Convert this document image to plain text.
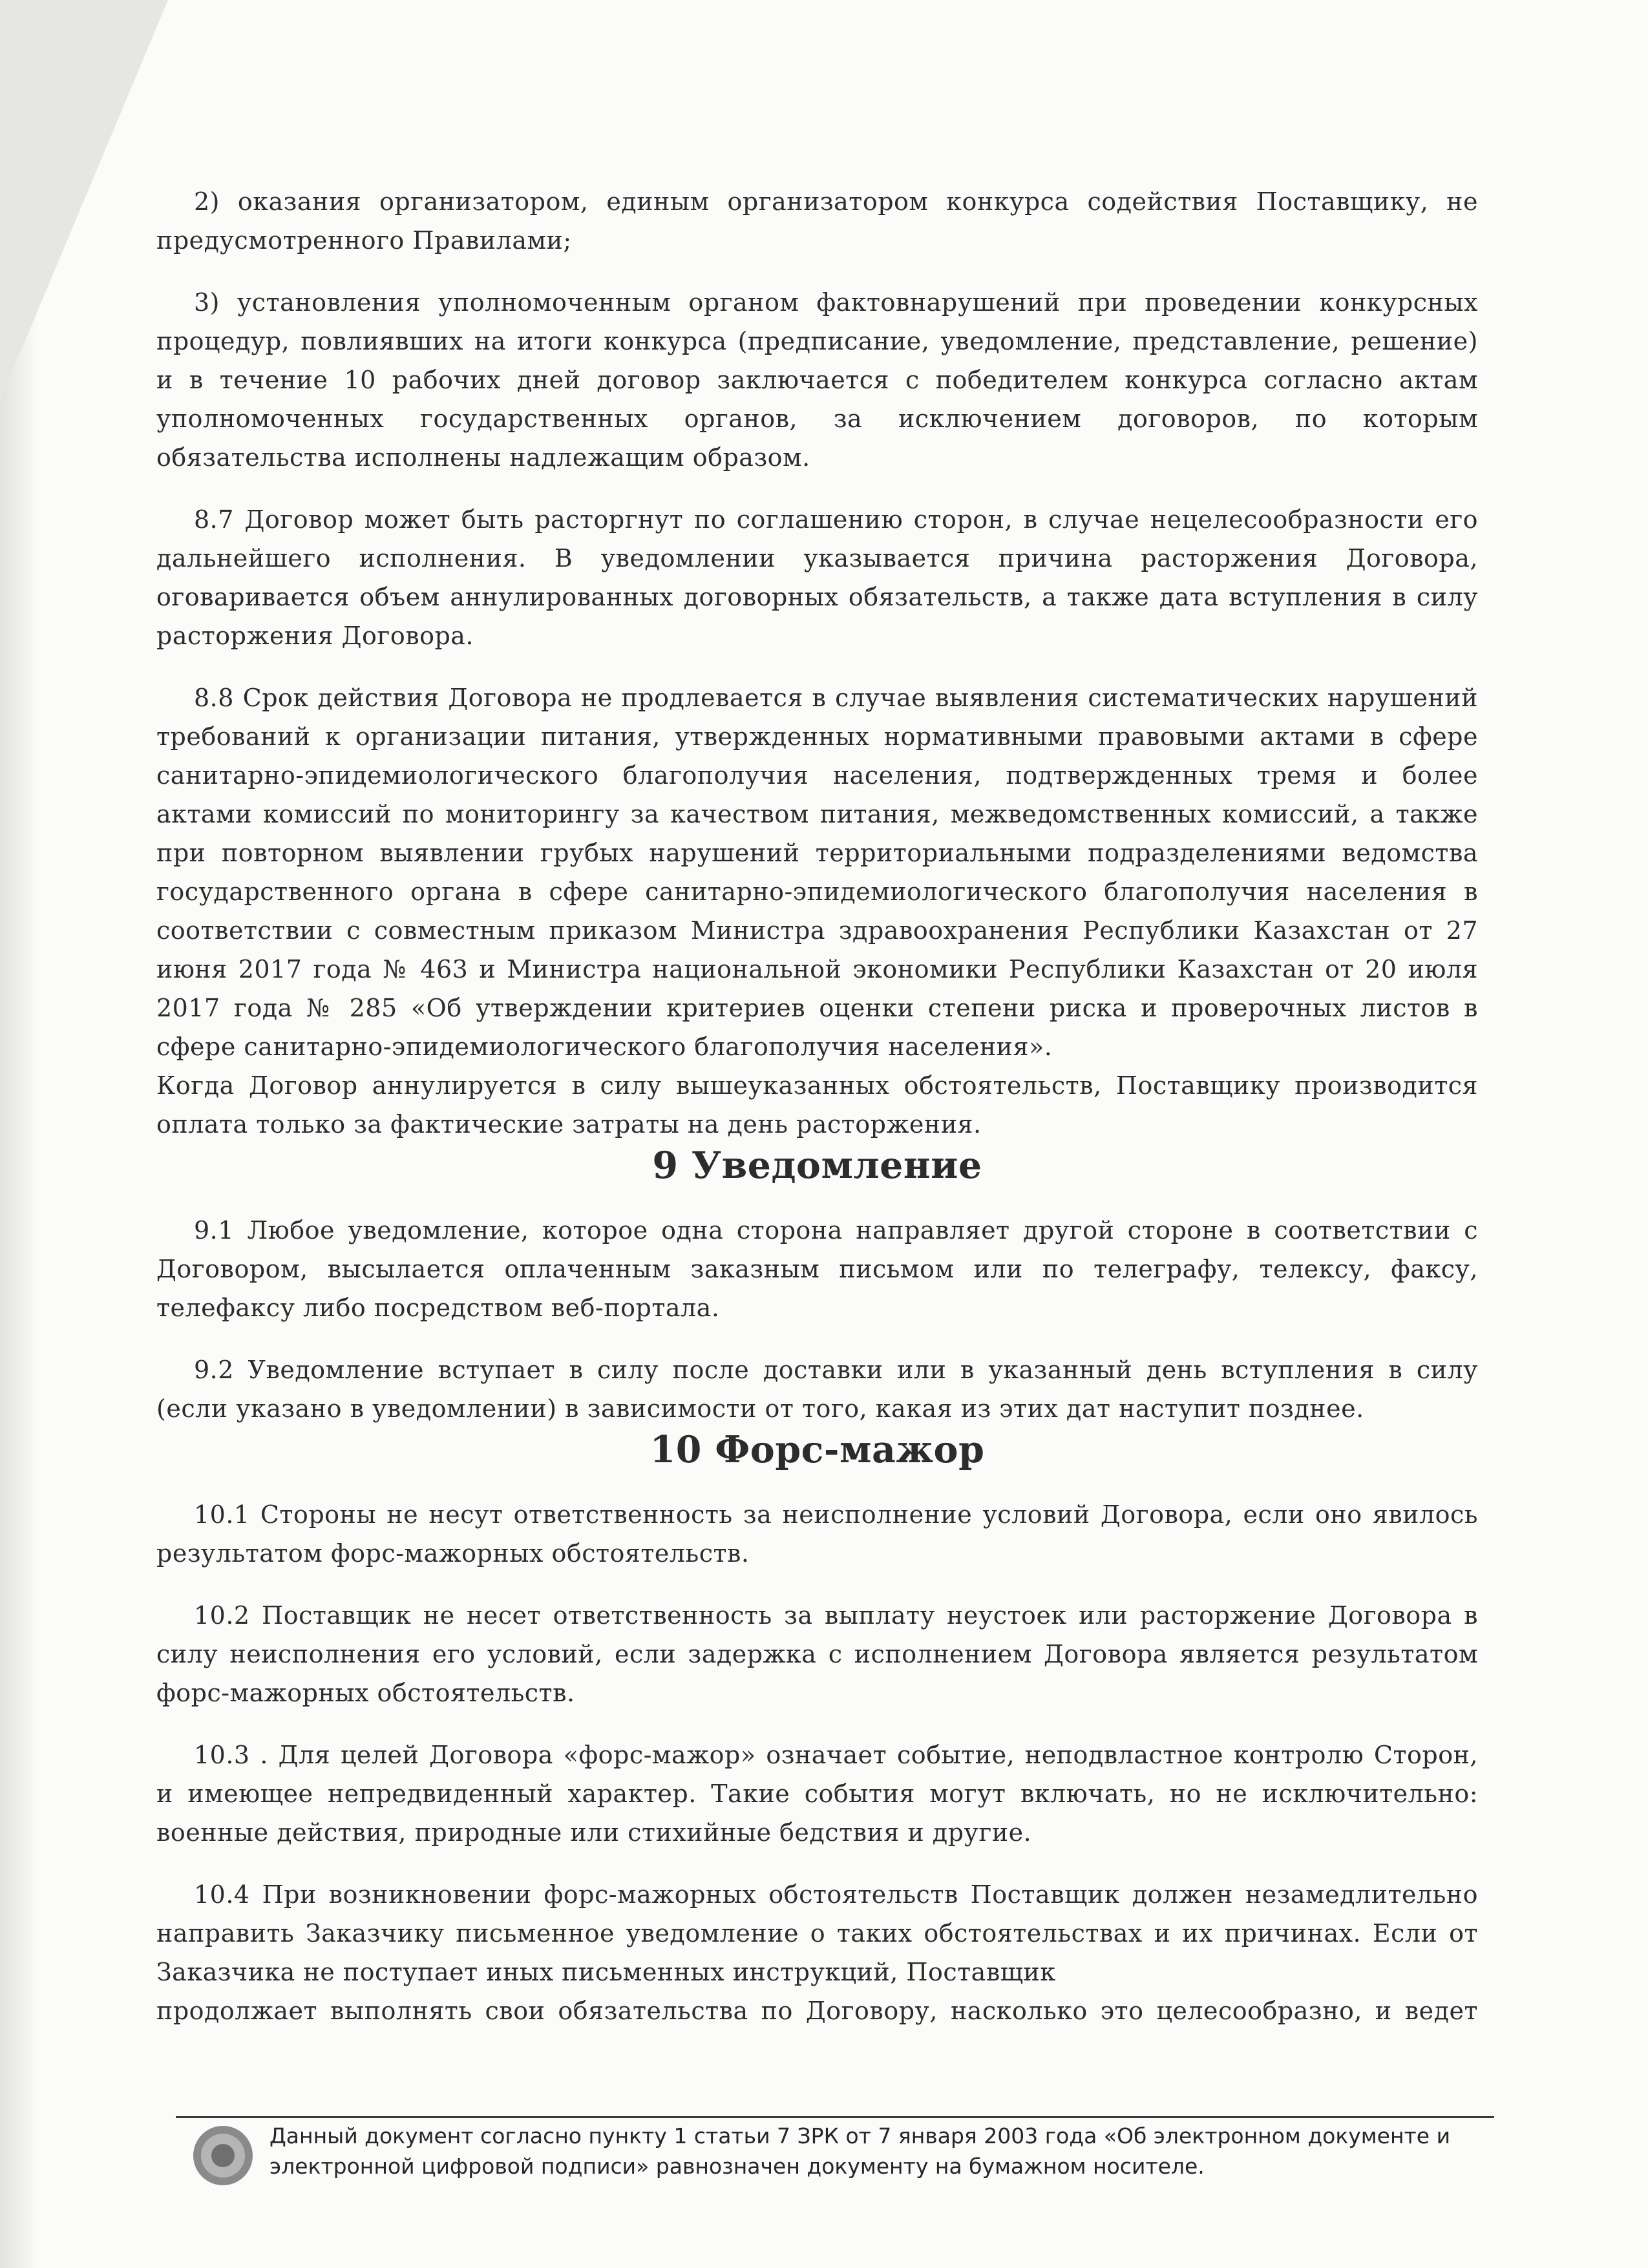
2) оказания организатором, единым организатором конкурса содействия Поставщику, не предусмотренного Правилами;

3) установления уполномоченным органом фактовнарушений при проведении конкурсных процедур, повлиявших на итоги конкурса (предписание, уведомление, представление, решение) и в течение 10 рабочих дней договор заключается с победителем конкурса согласно актам уполномоченных государственных органов, за исключением договоров, по которым обязательства исполнены надлежащим образом.

8.7 Договор может быть расторгнут по соглашению сторон, в случае нецелесообразности его дальнейшего исполнения. В уведомлении указывается причина расторжения Договора, оговаривается объем аннулированных договорных обязательств, а также дата вступления в силу расторжения Договора.

8.8 Срок действия Договора не продлевается в случае выявления систематических нарушений требований к организации питания, утвержденных нормативными правовыми актами в сфере санитарно-эпидемиологического благополучия населения, подтвержденных тремя и более актами комиссий по мониторингу за качеством питания, межведомственных комиссий, а также при повторном выявлении грубых нарушений территориальными подразделениями ведомства государственного органа в сфере санитарно-эпидемиологического благополучия населения в соответствии с совместным приказом Министра здравоохранения Республики Казахстан от 27 июня 2017 года № 463 и Министра национальной экономики Республики Казахстан от 20 июля 2017 года № 285 «Об утверждении критериев оценки степени риска и проверочных листов в сфере санитарно-эпидемиологического благополучия населения».

Когда Договор аннулируется в силу вышеуказанных обстоятельств, Поставщику производится оплата только за фактические затраты на день расторжения.

9 Уведомление

9.1 Любое уведомление, которое одна сторона направляет другой стороне в соответствии с Договором, высылается оплаченным заказным письмом или по телеграфу, телексу, факсу, телефаксу либо посредством веб-портала.

9.2 Уведомление вступает в силу после доставки или в указанный день вступления в силу (если указано в уведомлении) в зависимости от того, какая из этих дат наступит позднее.

10 Форс-мажор

10.1 Стороны не несут ответственность за неисполнение условий Договора, если оно явилось результатом форс-мажорных обстоятельств.

10.2 Поставщик не несет ответственность за выплату неустоек или расторжение Договора в силу неисполнения его условий, если задержка с исполнением Договора является результатом форс-мажорных обстоятельств.

10.3 . Для целей Договора «форс-мажор» означает событие, неподвластное контролю Сторон, и имеющее непредвиденный характер. Такие события могут включать, но не исключительно: военные действия, природные или стихийные бедствия и другие.

10.4 При возникновении форс-мажорных обстоятельств Поставщик должен незамедлительно направить Заказчику письменное уведомление о таких обстоятельствах и их причинах. Если от Заказчика не поступает иных письменных инструкций, Поставщик

продолжает выполнять свои обязательства по Договору, насколько это целесообразно, и ведет

Данный документ согласно пункту 1 статьи 7 ЗРК от 7 января 2003 года «Об электронном документе и электронной цифровой подписи» равнозначен документу на бумажном носителе.
